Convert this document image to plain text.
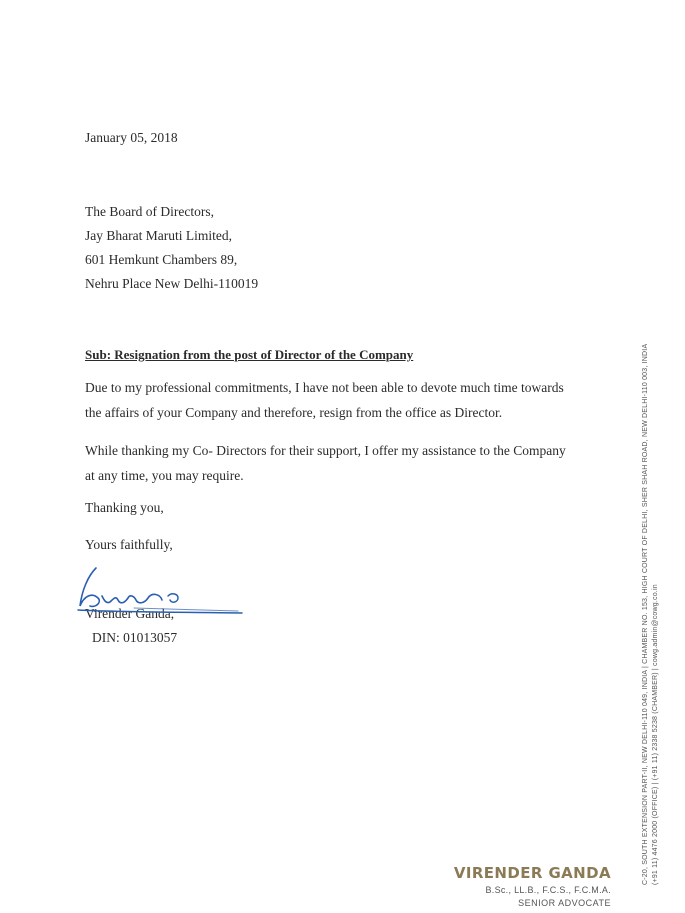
January 05, 2018

The Board of Directors,

Jay Bharat Maruti Limited,

601 Hemkunt Chambers 89,

Nehru Place New Delhi-110019

Sub: Resignation from the post of Director of the Company

Due to my professional commitments, I have not been able to devote much time towards

the affairs of your Company and therefore, resign from the office as Director.

While thanking my Co- Directors for their support, I offer my assistance to the Company

at any time, you may require.

Thanking you,

Yours faithfully,

Virender Ganda,

DIN: 01013057	C-20, SOUTH EXTENSION PART-II, NEW DELHI-110 049, INDIA | CHAMBER NO. 153, HIGH COURT OF DELHI, SHER SHAH ROAD, NEW DELHI-110 003, INDIA (+91 11) 4476 2000 (OFFICE) | (+91 11) 2338 5238 (CHAMBER) | cowg.admin@cowg.co.in

VIRENDER GANDA

B.Sc., LL.B., F.C.S., F.C.M.A.

SENIOR ADVOCATE
